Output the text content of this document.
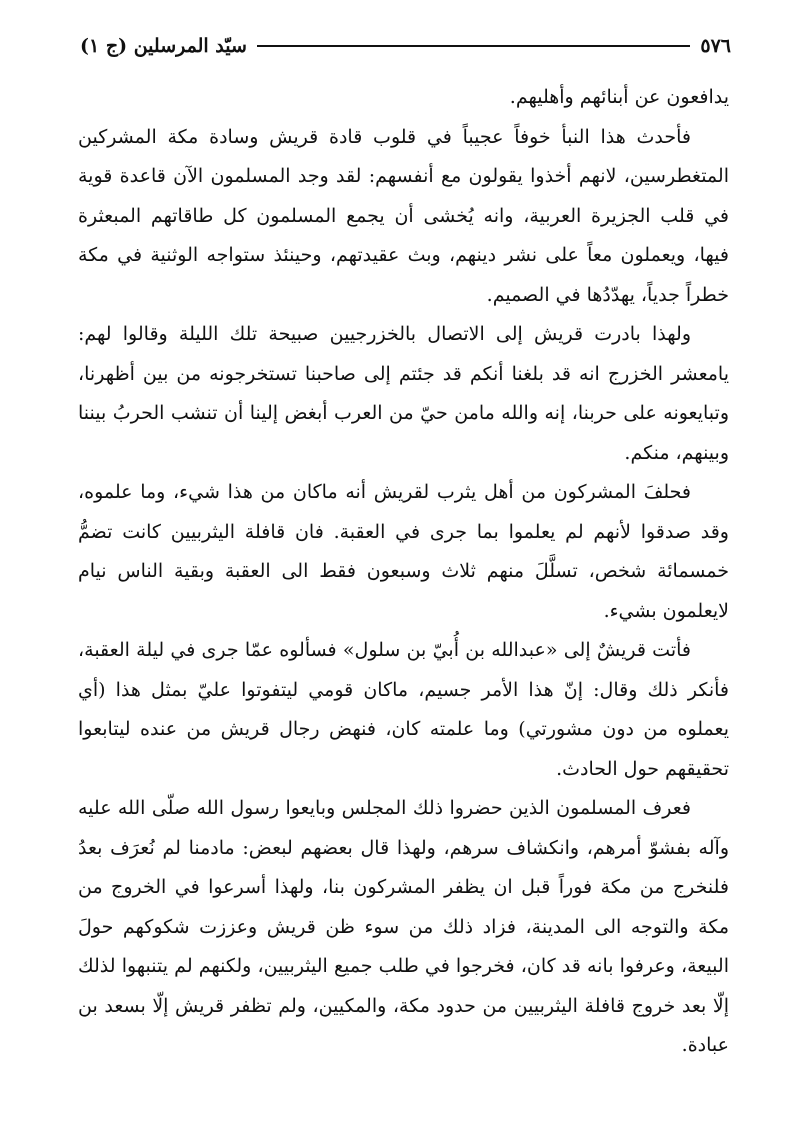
٥٧٦
سيّد المرسلين (ج ١)

يدافعون عن أبنائهم وأهليهم.

فأحدث هذا النبأ خوفاً عجيباً في قلوب قادة قريش وسادة مكة المشركين المتغطرسين، لانهم أخذوا يقولون مع أنفسهم: لقد وجد المسلمون الآن قاعدة قوية في قلب الجزيرة العربية، وانه يُخشى أن يجمع المسلمون كل طاقاتهم المبعثرة فيها، ويعملون معاً على نشر دينهم، وبث عقيدتهم، وحينئذ ستواجه الوثنية في مكة خطراً جدياً، يهدّدُها في الصميم.

ولهذا بادرت قريش إلى الاتصال بالخزرجيين صبيحة تلك الليلة وقالوا لهم: يامعشر الخزرج انه قد بلغنا أنكم قد جئتم إلى صاحبنا تستخرجونه من بين أظهرنا، وتبايعونه على حربنا، إنه والله مامن حيّ من العرب أبغض إلينا أن تنشب الحربُ بيننا وبينهم، منكم.

فحلفَ المشركون من أهل يثرب لقريش أنه ماكان من هذا شيء، وما علموه، وقد صدقوا لأنهم لم يعلموا بما جرى في العقبة. فان قافلة اليثربيين كانت تضمُّ خمسمائة شخص، تسلَّلَ منهم ثلاث وسبعون فقط الى العقبة وبقية الناس نيام لايعلمون بشيء.

فأتت قريشٌ إلى «عبدالله بن أُبيّ بن سلول» فسألوه عمّا جرى في ليلة العقبة، فأنكر ذلك وقال: إنّ هذا الأمر جسيم، ماكان قومي ليتفوتوا عليّ بمثل هذا (أي يعملوه من دون مشورتي) وما علمته كان، فنهض رجال قريش من عنده ليتابعوا تحقيقهم حول الحادث.

فعرف المسلمون الذين حضروا ذلك المجلس وبايعوا رسول الله صلّى الله عليه وآله بفشوّ أمرهم، وانكشاف سرهم، ولهذا قال بعضهم لبعض: مادمنا لم نُعرَف بعدُ فلنخرج من مكة فوراً قبل ان يظفر المشركون بنا، ولهذا أسرعوا في الخروج من مكة والتوجه الى المدينة، فزاد ذلك من سوء ظن قريش وعززت شكوكهم حولَ البيعة، وعرفوا بانه قد كان، فخرجوا في طلب جميع اليثربيين، ولكنهم لم يتنبهوا لذلك إلّا بعد خروج قافلة اليثربيين من حدود مكة، والمكيين، ولم تظفر قريش إلّا بسعد بن عبادة.
